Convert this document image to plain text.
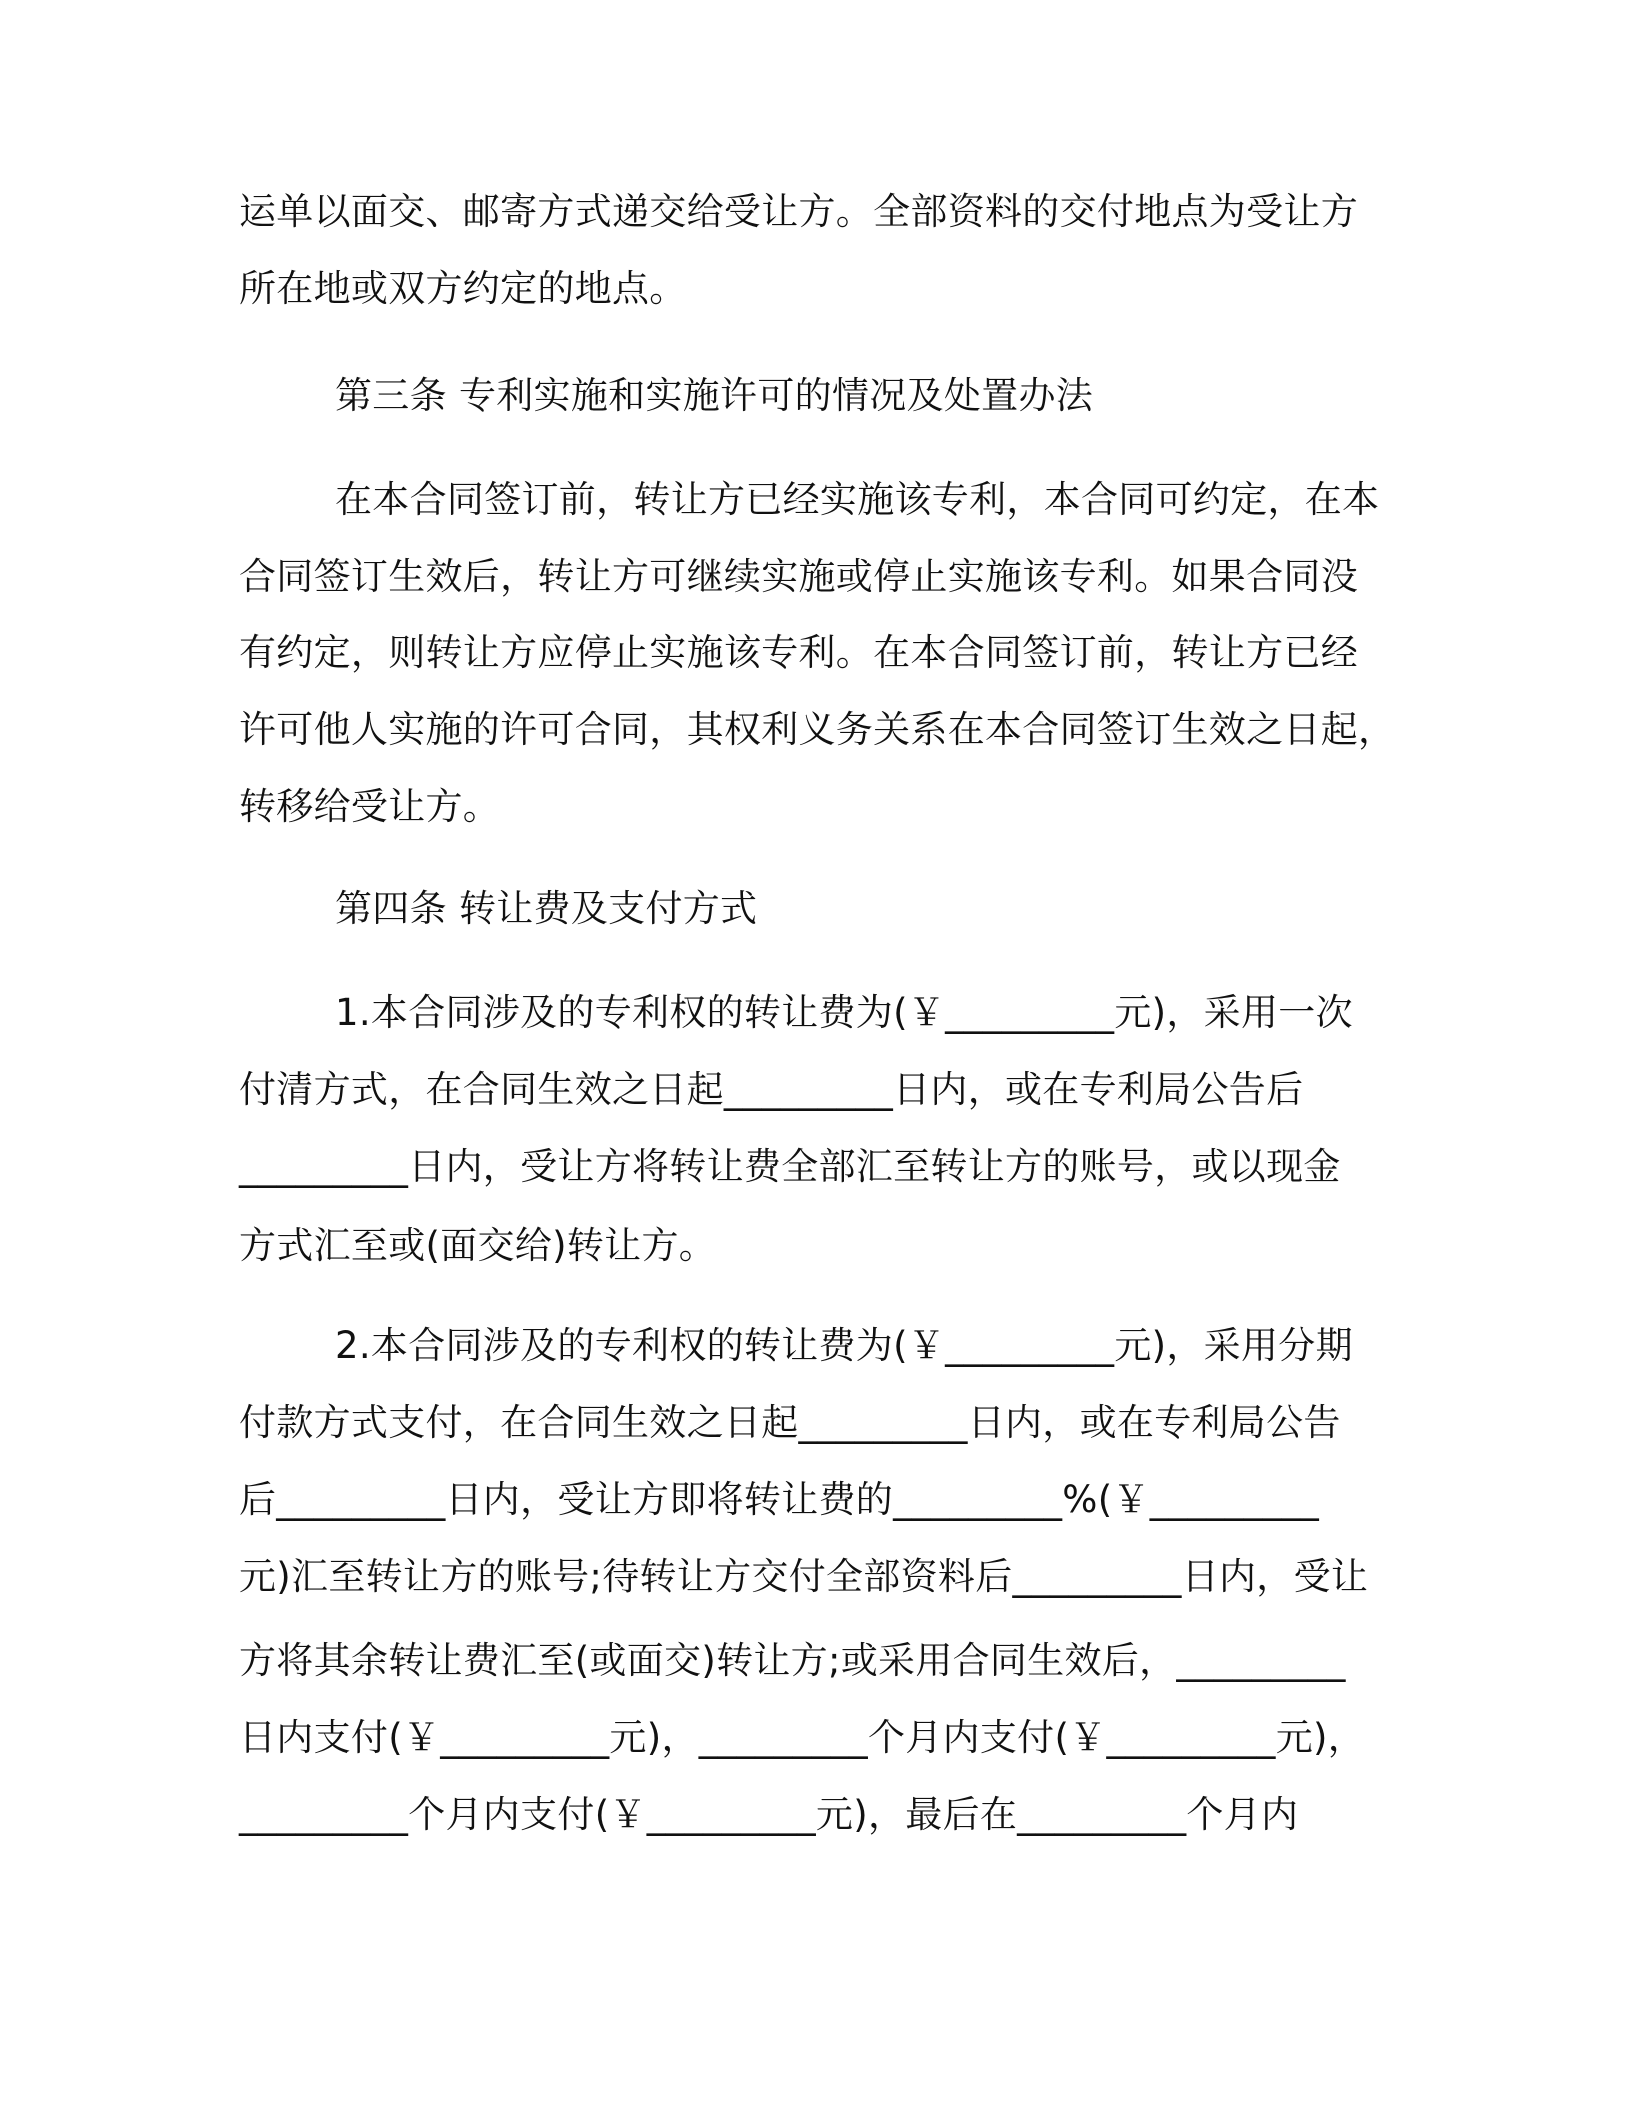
运单以面交、邮寄方式递交给受让方。全部资料的交付地点为受让方
所在地或双方约定的地点。
第三条 专利实施和实施许可的情况及处置办法
在本合同签订前，转让方已经实施该专利，本合同可约定，在本
合同签订生效后，转让方可继续实施或停止实施该专利。如果合同没
有约定，则转让方应停止实施该专利。在本合同签订前，转让方已经
许可他人实施的许可合同，其权利义务关系在本合同签订生效之日起，
转移给受让方。
第四条 转让费及支付方式
1.本合同涉及的专利权的转让费为(￥_________元)，采用一次
付清方式，在合同生效之日起_________日内，或在专利局公告后
_________日内，受让方将转让费全部汇至转让方的账号，或以现金
方式汇至或(面交给)转让方。
2.本合同涉及的专利权的转让费为(￥_________元)，采用分期
付款方式支付，在合同生效之日起_________日内，或在专利局公告
后_________日内，受让方即将转让费的_________%(￥_________
元)汇至转让方的账号;待转让方交付全部资料后_________日内，受让
方将其余转让费汇至(或面交)转让方;或采用合同生效后，_________
日内支付(￥_________元)，_________个月内支付(￥_________元)，
_________个月内支付(￥_________元)，最后在_________个月内
